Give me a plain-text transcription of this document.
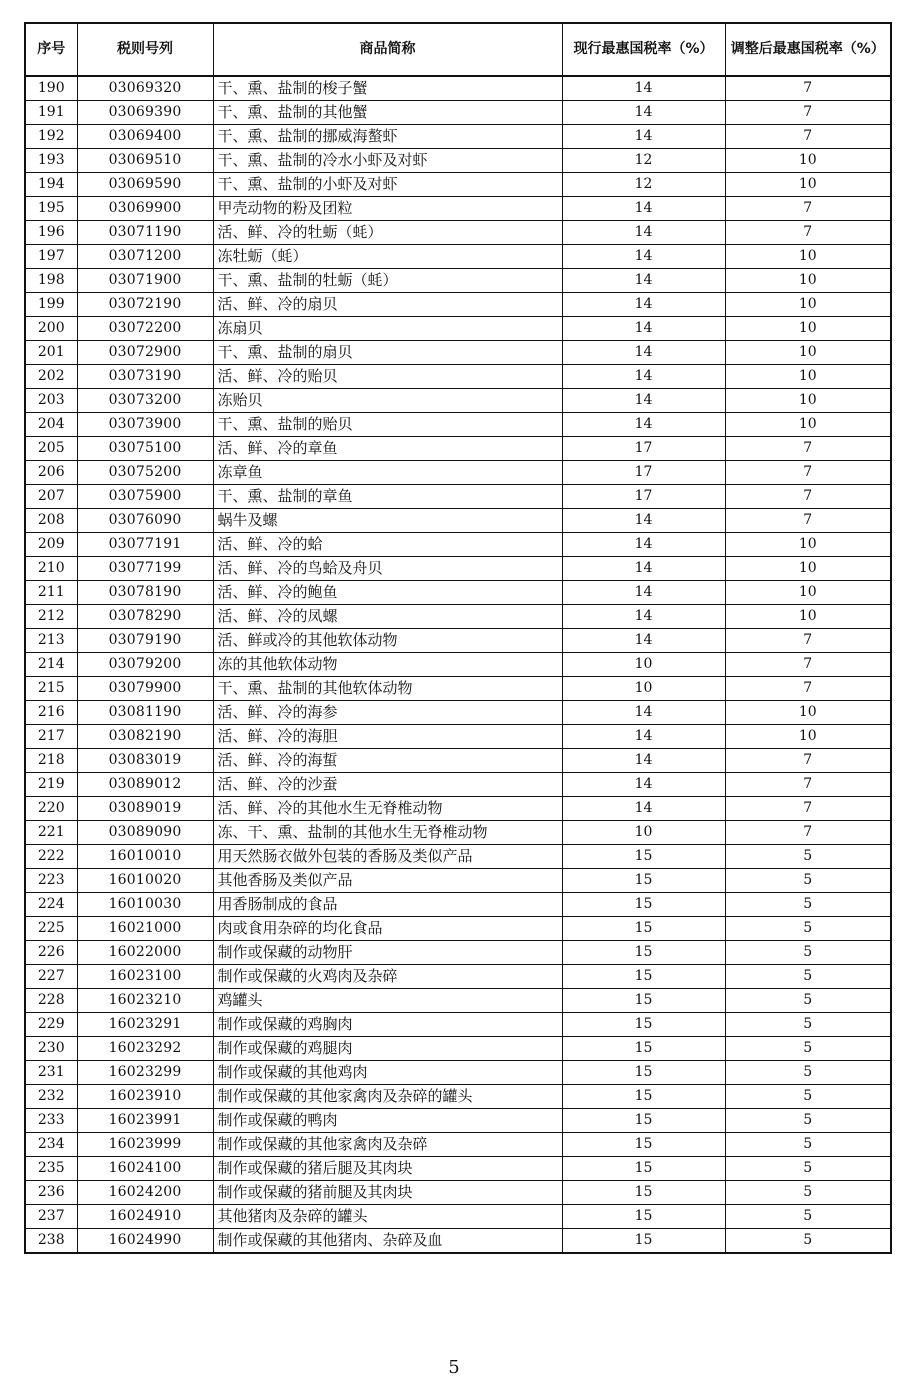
序号	税则号列	商品简称	现行最惠国税率（%）	调整后最惠国税率（%）
190	03069320	干、熏、盐制的梭子蟹	14	7
191	03069390	干、熏、盐制的其他蟹	14	7
192	03069400	干、熏、盐制的挪威海螯虾	14	7
193	03069510	干、熏、盐制的冷水小虾及对虾	12	10
194	03069590	干、熏、盐制的小虾及对虾	12	10
195	03069900	甲壳动物的粉及团粒	14	7
196	03071190	活、鲜、冷的牡蛎（蚝）	14	7
197	03071200	冻牡蛎（蚝）	14	10
198	03071900	干、熏、盐制的牡蛎（蚝）	14	10
199	03072190	活、鲜、冷的扇贝	14	10
200	03072200	冻扇贝	14	10
201	03072900	干、熏、盐制的扇贝	14	10
202	03073190	活、鲜、冷的贻贝	14	10
203	03073200	冻贻贝	14	10
204	03073900	干、熏、盐制的贻贝	14	10
205	03075100	活、鲜、冷的章鱼	17	7
206	03075200	冻章鱼	17	7
207	03075900	干、熏、盐制的章鱼	17	7
208	03076090	蜗牛及螺	14	7
209	03077191	活、鲜、冷的蛤	14	10
210	03077199	活、鲜、冷的鸟蛤及舟贝	14	10
211	03078190	活、鲜、冷的鲍鱼	14	10
212	03078290	活、鲜、冷的凤螺	14	10
213	03079190	活、鲜或冷的其他软体动物	14	7
214	03079200	冻的其他软体动物	10	7
215	03079900	干、熏、盐制的其他软体动物	10	7
216	03081190	活、鲜、冷的海参	14	10
217	03082190	活、鲜、冷的海胆	14	10
218	03083019	活、鲜、冷的海蜇	14	7
219	03089012	活、鲜、冷的沙蚕	14	7
220	03089019	活、鲜、冷的其他水生无脊椎动物	14	7
221	03089090	冻、干、熏、盐制的其他水生无脊椎动物	10	7
222	16010010	用天然肠衣做外包装的香肠及类似产品	15	5
223	16010020	其他香肠及类似产品	15	5
224	16010030	用香肠制成的食品	15	5
225	16021000	肉或食用杂碎的均化食品	15	5
226	16022000	制作或保藏的动物肝	15	5
227	16023100	制作或保藏的火鸡肉及杂碎	15	5
228	16023210	鸡罐头	15	5
229	16023291	制作或保藏的鸡胸肉	15	5
230	16023292	制作或保藏的鸡腿肉	15	5
231	16023299	制作或保藏的其他鸡肉	15	5
232	16023910	制作或保藏的其他家禽肉及杂碎的罐头	15	5
233	16023991	制作或保藏的鸭肉	15	5
234	16023999	制作或保藏的其他家禽肉及杂碎	15	5
235	16024100	制作或保藏的猪后腿及其肉块	15	5
236	16024200	制作或保藏的猪前腿及其肉块	15	5
237	16024910	其他猪肉及杂碎的罐头	15	5
238	16024990	制作或保藏的其他猪肉、杂碎及血	15	5
5
